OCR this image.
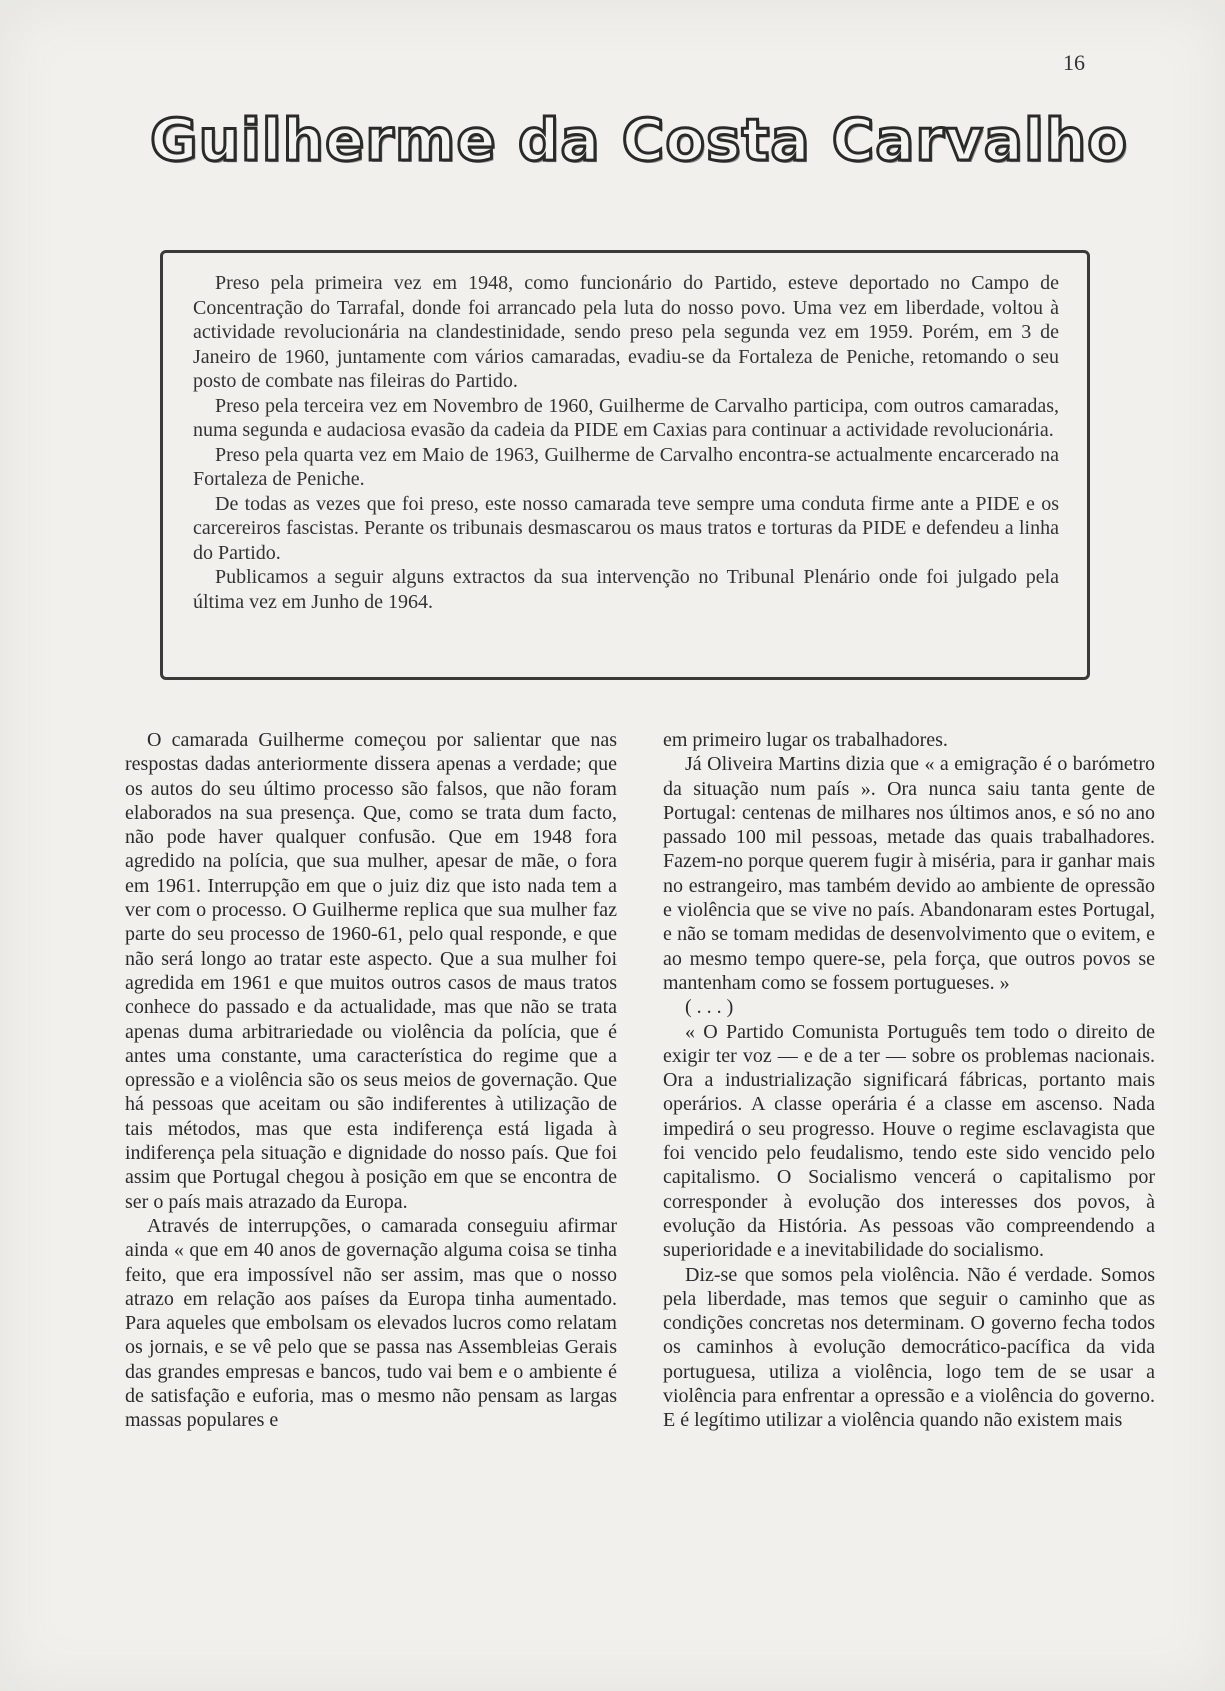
16
Guilherme da Costa Carvalho

Preso pela primeira vez em 1948, como funcionário do Partido, esteve deportado no Campo de Concentração do Tarrafal, donde foi arrancado pela luta do nosso povo. Uma vez em liberdade, voltou à actividade revolucionária na clandestinidade, sendo preso pela segunda vez em 1959. Porém, em 3 de Janeiro de 1960, juntamente com vários camaradas, evadiu-se da Fortaleza de Peniche, retomando o seu posto de combate nas fileiras do Partido.

Preso pela terceira vez em Novembro de 1960, Guilherme de Carvalho participa, com outros camaradas, numa segunda e audaciosa evasão da cadeia da PIDE em Caxias para continuar a actividade revolucionária.

Preso pela quarta vez em Maio de 1963, Guilherme de Carvalho encontra-se actualmente encarcerado na Fortaleza de Peniche.

De todas as vezes que foi preso, este nosso camarada teve sempre uma conduta firme ante a PIDE e os carcereiros fascistas. Perante os tribunais desmascarou os maus tratos e torturas da PIDE e defendeu a linha do Partido.

Publicamos a seguir alguns extractos da sua intervenção no Tribunal Plenário onde foi julgado pela última vez em Junho de 1964.

O camarada Guilherme começou por salientar que nas respostas dadas anteriormente dissera apenas a verdade; que os autos do seu último processo são falsos, que não foram elaborados na sua presença. Que, como se trata dum facto, não pode haver qualquer confusão. Que em 1948 fora agredido na polícia, que sua mulher, apesar de mãe, o fora em 1961. Interrupção em que o juiz diz que isto nada tem a ver com o processo. O Guilherme replica que sua mulher faz parte do seu processo de 1960-61, pelo qual responde, e que não será longo ao tratar este aspecto. Que a sua mulher foi agredida em 1961 e que muitos outros casos de maus tratos conhece do passado e da actualidade, mas que não se trata apenas duma arbitrariedade ou violência da polícia, que é antes uma constante, uma característica do regime que a opressão e a violência são os seus meios de governação. Que há pessoas que aceitam ou são indiferentes à utilização de tais métodos, mas que esta indiferença está ligada à indiferença pela situação e dignidade do nosso país. Que foi assim que Portugal chegou à posição em que se encontra de ser o país mais atrazado da Europa.

Através de interrupções, o camarada conseguiu afirmar ainda « que em 40 anos de governação alguma coisa se tinha feito, que era impossível não ser assim, mas que o nosso atrazo em relação aos países da Europa tinha aumentado. Para aqueles que embolsam os elevados lucros como relatam os jornais, e se vê pelo que se passa nas Assembleias Gerais das grandes empresas e bancos, tudo vai bem e o ambiente é de satisfação e euforia, mas o mesmo não pensam as largas massas populares e

em primeiro lugar os trabalhadores.

Já Oliveira Martins dizia que « a emigração é o barómetro da situação num país ». Ora nunca saiu tanta gente de Portugal: centenas de milhares nos últimos anos, e só no ano passado 100 mil pessoas, metade das quais trabalhadores. Fazem-no porque querem fugir à miséria, para ir ganhar mais no estrangeiro, mas também devido ao ambiente de opressão e violência que se vive no país. Abandonaram estes Portugal, e não se tomam medidas de desenvolvimento que o evitem, e ao mesmo tempo quere-se, pela força, que outros povos se mantenham como se fossem portugueses. »

( . . . )

« O Partido Comunista Português tem todo o direito de exigir ter voz — e de a ter — sobre os problemas nacionais. Ora a industrialização significará fábricas, portanto mais operários. A classe operária é a classe em ascenso. Nada impedirá o seu progresso. Houve o regime esclavagista que foi vencido pelo feudalismo, tendo este sido vencido pelo capitalismo. O Socialismo vencerá o capitalismo por corresponder à evolução dos interesses dos povos, à evolução da História. As pessoas vão compreendendo a superioridade e a inevitabilidade do socialismo.

Diz-se que somos pela violência. Não é verdade. Somos pela liberdade, mas temos que seguir o caminho que as condições concretas nos determinam. O governo fecha todos os caminhos à evolução democrático-pacífica da vida portuguesa, utiliza a violência, logo tem de se usar a violência para enfrentar a opressão e a violência do governo. E é legítimo utilizar a violência quando não existem mais
